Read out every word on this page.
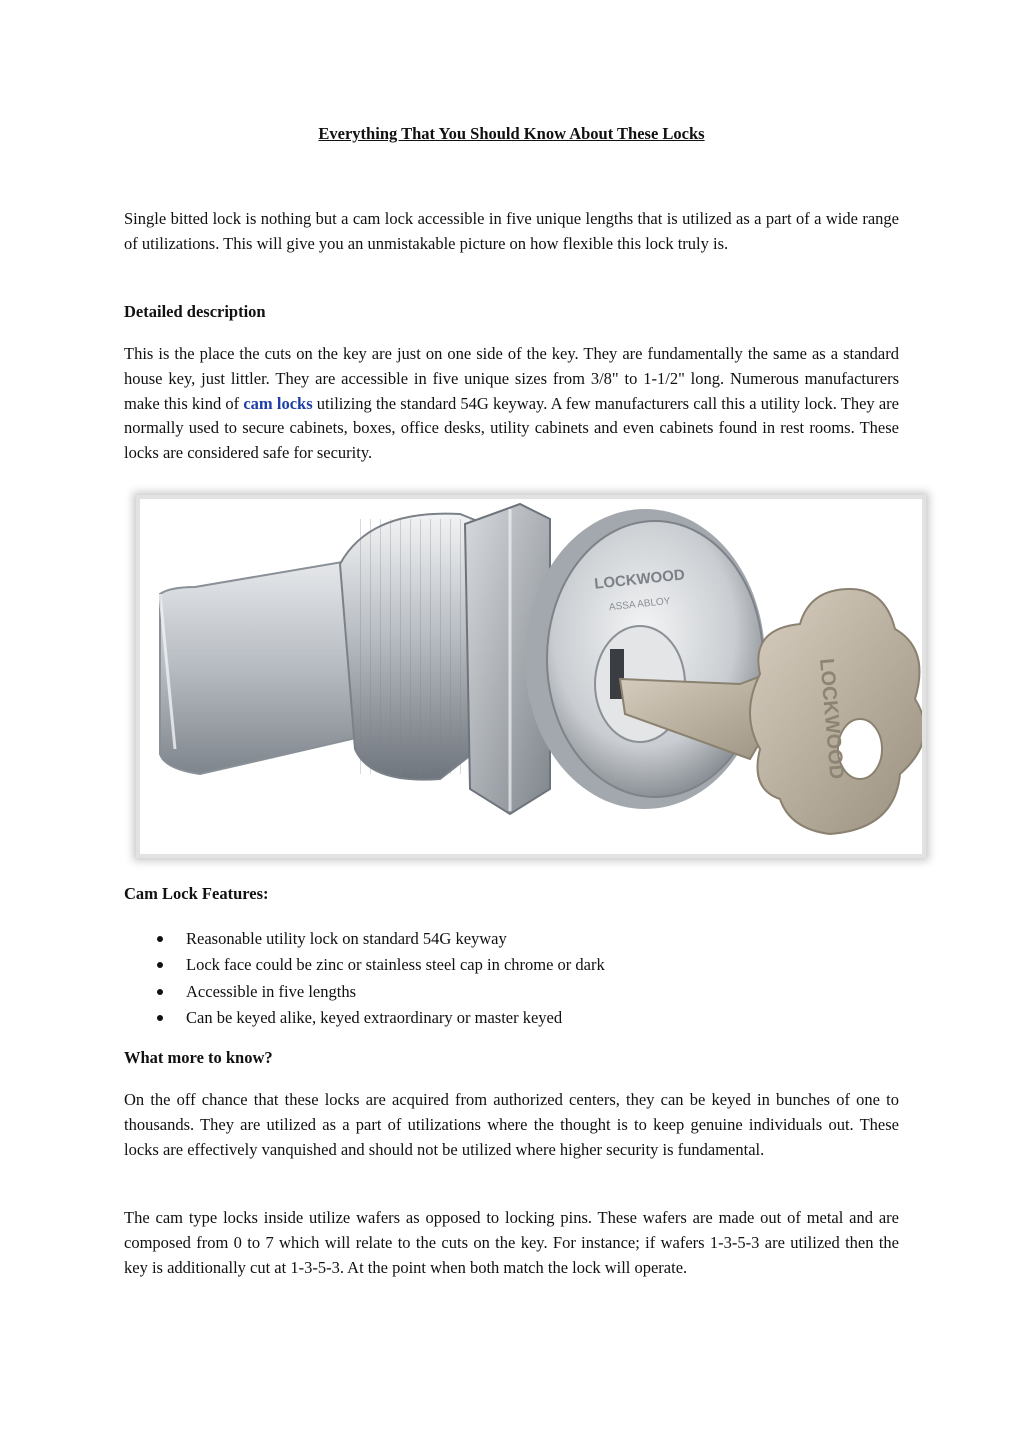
Everything That You Should Know About These Locks

Single bitted lock is nothing but a cam lock accessible in five unique lengths that is utilized as a part of a wide range of utilizations. This will give you an unmistakable picture on how flexible this lock truly is.

Detailed description

This is the place the cuts on the key are just on one side of the key. They are fundamentally the same as a standard house key, just littler. They are accessible in five unique sizes from 3/8" to 1-1/2" long. Numerous manufacturers make this kind of cam locks utilizing the standard 54G keyway. A few manufacturers call this a utility lock. They are normally used to secure cabinets, boxes, office desks, utility cabinets and even cabinets found in rest rooms. These locks are considered safe for security.

LOCKWOOD
ASSA ABLOY
LOCKWOOD
Cam Lock Features:
Reasonable utility lock on standard 54G keyway
Lock face could be zinc or stainless steel cap in chrome or dark
Accessible in five lengths
Can be keyed alike, keyed extraordinary or master keyed
What more to know?

On the off chance that these locks are acquired from authorized centers, they can be keyed in bunches of one to thousands. They are utilized as a part of utilizations where the thought is to keep genuine individuals out. These locks are effectively vanquished and should not be utilized where higher security is fundamental.

The cam type locks inside utilize wafers as opposed to locking pins. These wafers are made out of metal and are composed from 0 to 7 which will relate to the cuts on the key. For instance; if wafers 1-3-5-3 are utilized then the key is additionally cut at 1-3-5-3. At the point when both match the lock will operate.
